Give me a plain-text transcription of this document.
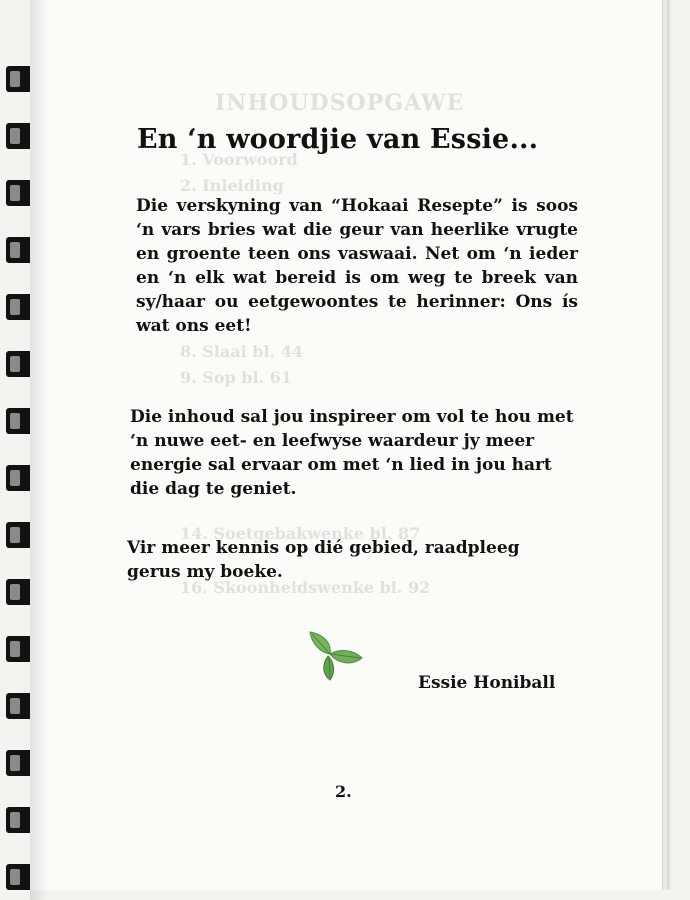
INHOUDSOPGAWE
1. Voorwoord
2. Inleiding
8. Slaai bl. 44
9. Sop bl. 61
14. Soetgebakwenke bl. 87
16. Skoonheidswenke bl. 92
En ‘n woordjie van Essie...

Die verskyning van “Hokaai Resepte” is soos ‘n vars bries wat die geur van heerlike vrugte en groente teen ons vaswaai. Net om ‘n ieder en ‘n elk wat bereid is om weg te breek van sy/haar ou eetgewoontes te herinner: Ons ís wat ons eet!

Die inhoud sal jou inspireer om vol te hou met ‘n nuwe eet- en leefwyse waardeur jy meer energie sal ervaar om met ‘n lied in jou hart die dag te geniet.

Vir meer kennis op dié gebied, raadpleeg gerus my boeke.

Essie Honiball
2.
